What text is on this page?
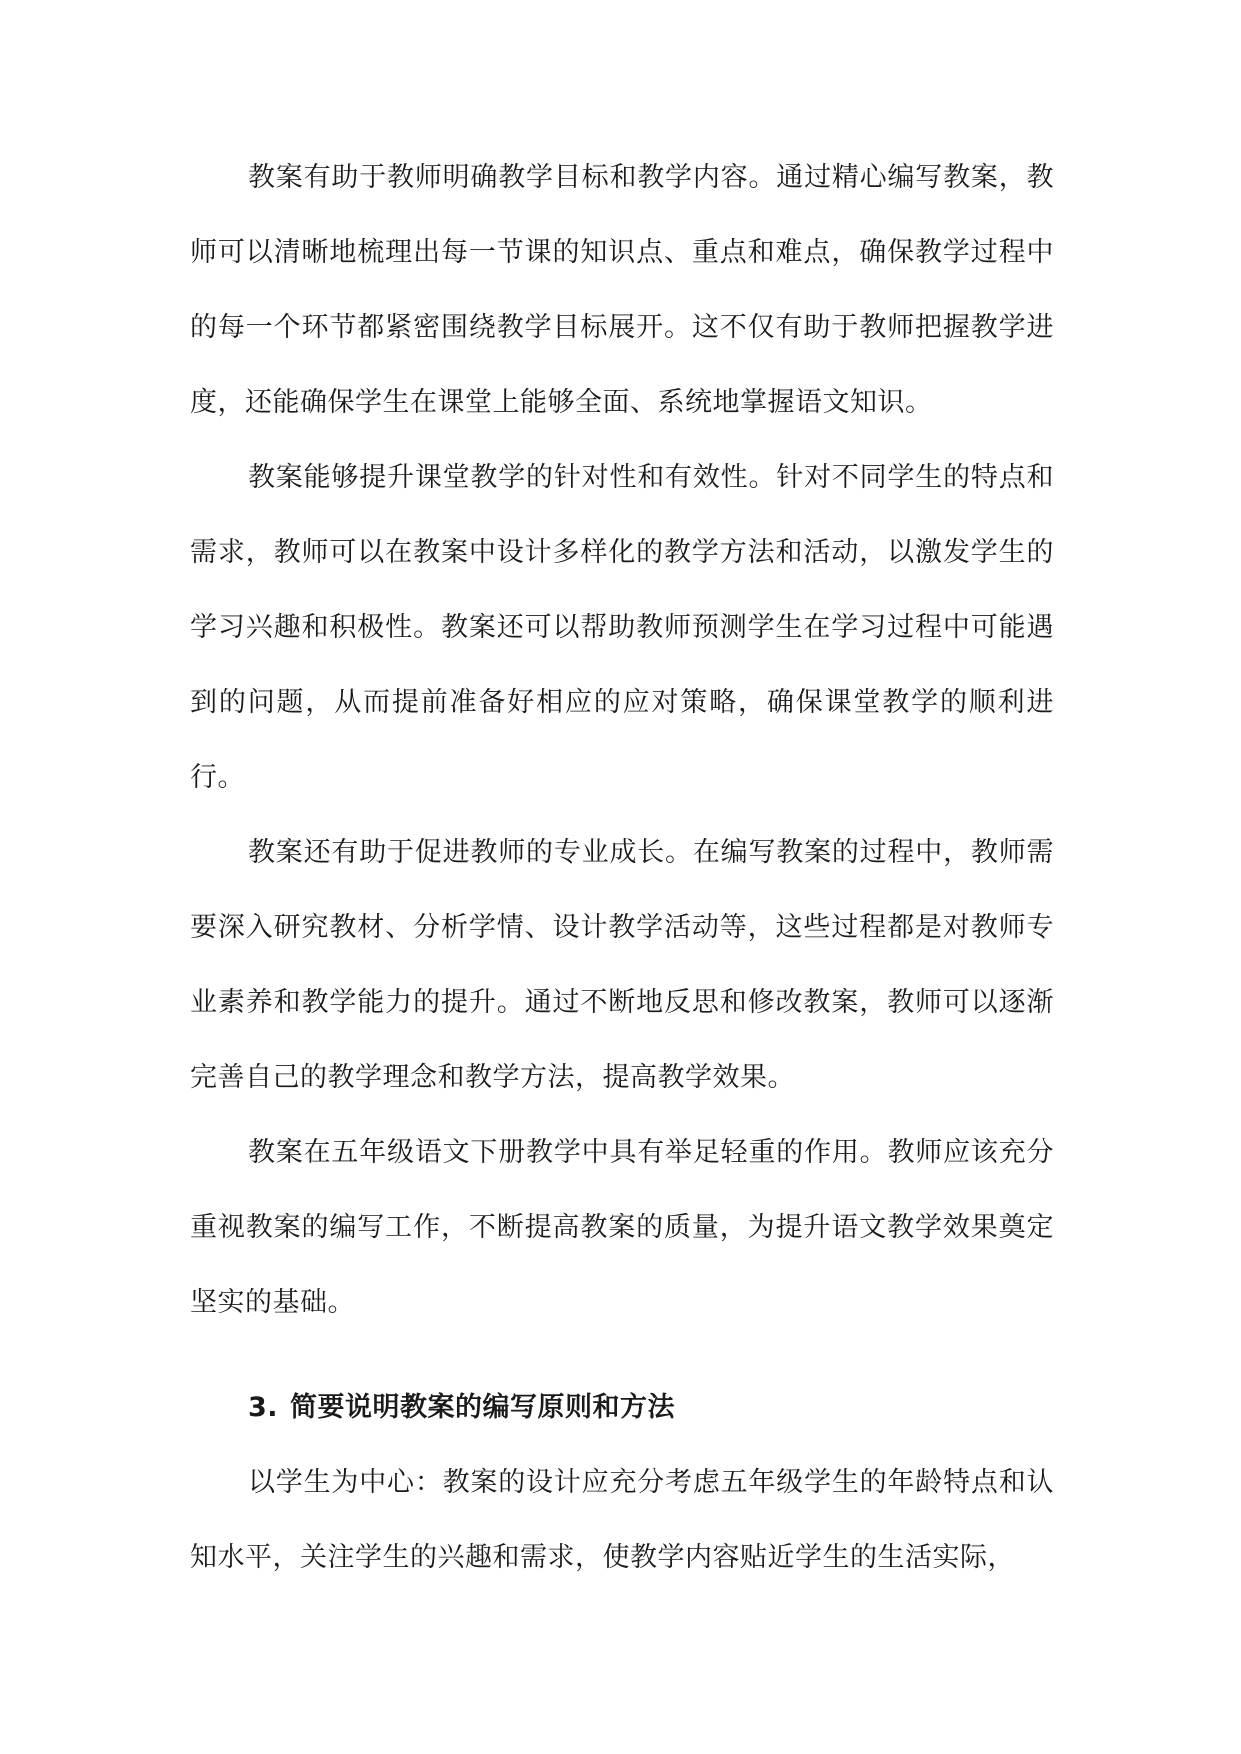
教案有助于教师明确教学目标和教学内容。通过精心编写教案，教师可以清晰地梳理出每一节课的知识点、重点和难点，确保教学过程中的每一个环节都紧密围绕教学目标展开。这不仅有助于教师把握教学进度，还能确保学生在课堂上能够全面、系统地掌握语文知识。

教案能够提升课堂教学的针对性和有效性。针对不同学生的特点和需求，教师可以在教案中设计多样化的教学方法和活动，以激发学生的学习兴趣和积极性。教案还可以帮助教师预测学生在学习过程中可能遇到的问题，从而提前准备好相应的应对策略，确保课堂教学的顺利进行。

教案还有助于促进教师的专业成长。在编写教案的过程中，教师需要深入研究教材、分析学情、设计教学活动等，这些过程都是对教师专业素养和教学能力的提升。通过不断地反思和修改教案，教师可以逐渐完善自己的教学理念和教学方法，提高教学效果。

教案在五年级语文下册教学中具有举足轻重的作用。教师应该充分重视教案的编写工作，不断提高教案的质量，为提升语文教学效果奠定坚实的基础。

3. 简要说明教案的编写原则和方法

以学生为中心：教案的设计应充分考虑五年级学生的年龄特点和认知水平，关注学生的兴趣和需求，使教学内容贴近学生的生活实际，
